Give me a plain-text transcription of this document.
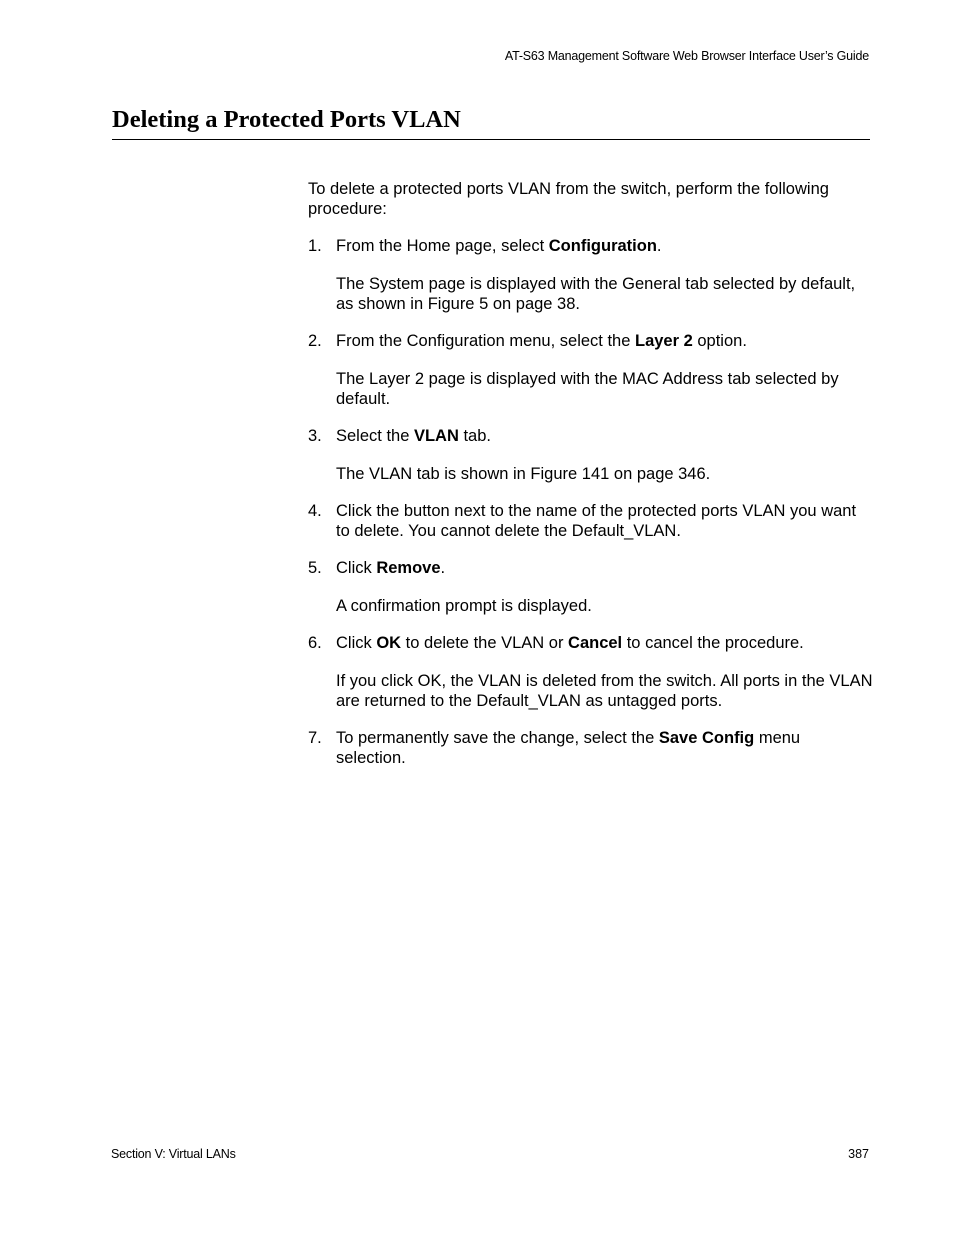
AT-S63 Management Software Web Browser Interface User’s Guide
Deleting a Protected Ports VLAN

To delete a protected ports VLAN from the switch, perform the following procedure:

1. From the Home page, select Configuration.

The System page is displayed with the General tab selected by default, as shown in Figure 5 on page 38.

2. From the Configuration menu, select the Layer 2 option.

The Layer 2 page is displayed with the MAC Address tab selected by default.

3. Select the VLAN tab.

The VLAN tab is shown in Figure 141 on page 346.

4. Click the button next to the name of the protected ports VLAN you want to delete. You cannot delete the Default_VLAN.

5. Click Remove.

A confirmation prompt is displayed.

6. Click OK to delete the VLAN or Cancel to cancel the procedure.

If you click OK, the VLAN is deleted from the switch. All ports in the VLAN are returned to the Default_VLAN as untagged ports.

7. To permanently save the change, select the Save Config menu selection.

Section V: Virtual LANs	387
